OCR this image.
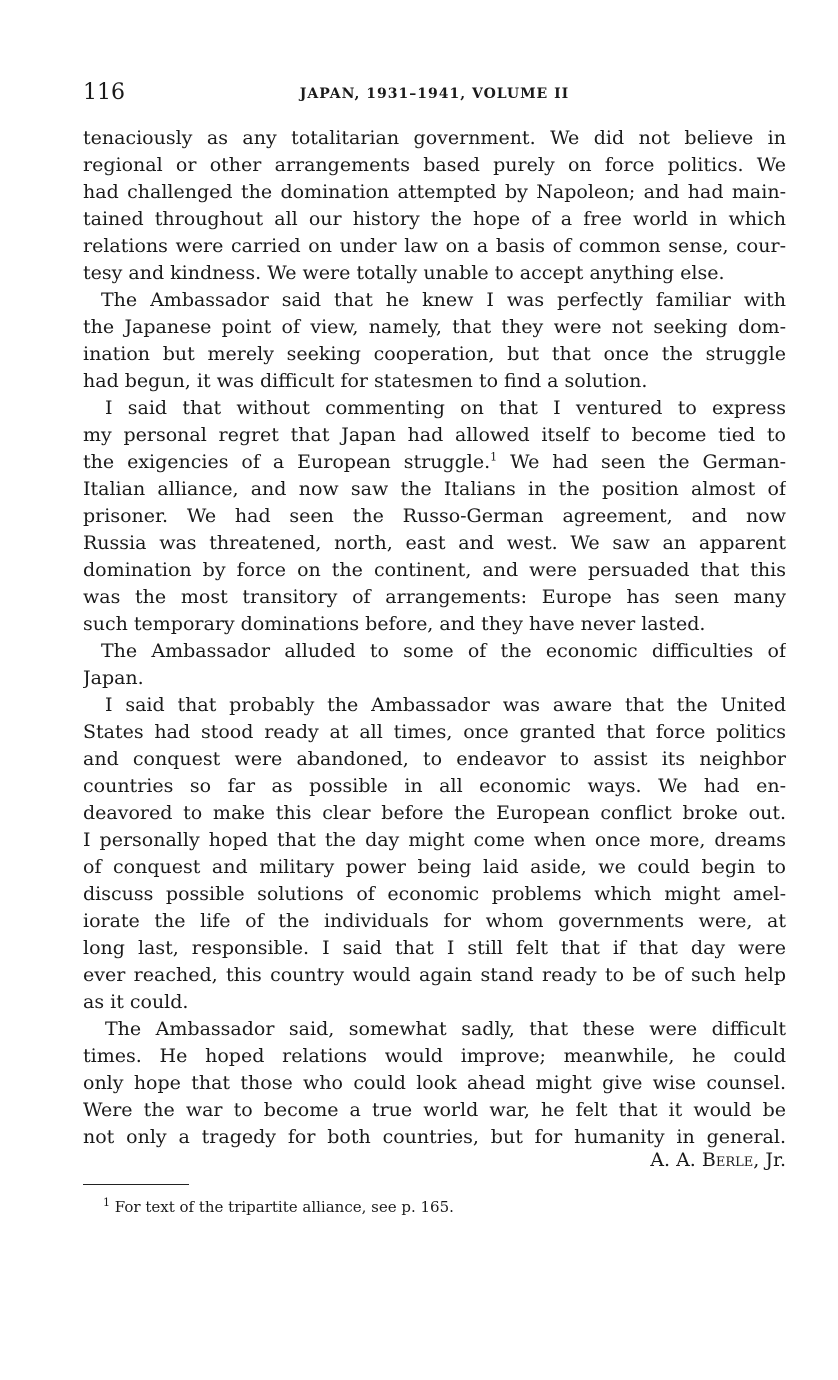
116	JAPAN, 1931–1941, VOLUME II

tenaciously as any totalitarian government. We did not believe in
regional or other arrangements based purely on force politics. We
had challenged the domination attempted by Napoleon; and had main-
tained throughout all our history the hope of a free world in which
relations were carried on under law on a basis of common sense, cour-
tesy and kindness. We were totally unable to accept anything else.

The Ambassador said that he knew I was perfectly familiar with
the Japanese point of view, namely, that they were not seeking dom-
ination but merely seeking cooperation, but that once the struggle
had begun, it was difficult for statesmen to find a solution.

I said that without commenting on that I ventured to express
my personal regret that Japan had allowed itself to become tied to
the exigencies of a European struggle.$^1$ We had seen the German-
Italian alliance, and now saw the Italians in the position almost of
prisoner. We had seen the Russo-German agreement, and now
Russia was threatened, north, east and west. We saw an apparent
domination by force on the continent, and were persuaded that this
was the most transitory of arrangements: Europe has seen many
such temporary dominations before, and they have never lasted.

The Ambassador alluded to some of the economic difficulties of
Japan.

I said that probably the Ambassador was aware that the United
States had stood ready at all times, once granted that force politics
and conquest were abandoned, to endeavor to assist its neighbor
countries so far as possible in all economic ways. We had en-
deavored to make this clear before the European conflict broke out.
I personally hoped that the day might come when once more, dreams
of conquest and military power being laid aside, we could begin to
discuss possible solutions of economic problems which might amel-
iorate the life of the individuals for whom governments were, at
long last, responsible. I said that I still felt that if that day were
ever reached, this country would again stand ready to be of such help
as it could.

The Ambassador said, somewhat sadly, that these were difficult
times. He hoped relations would improve; meanwhile, he could
only hope that those who could look ahead might give wise counsel.
Were the war to become a true world war, he felt that it would be
not only a tragedy for both countries, but for humanity in general.

A. A. Berle, Jr.
$^1$ For text of the tripartite alliance, see p. 165.
